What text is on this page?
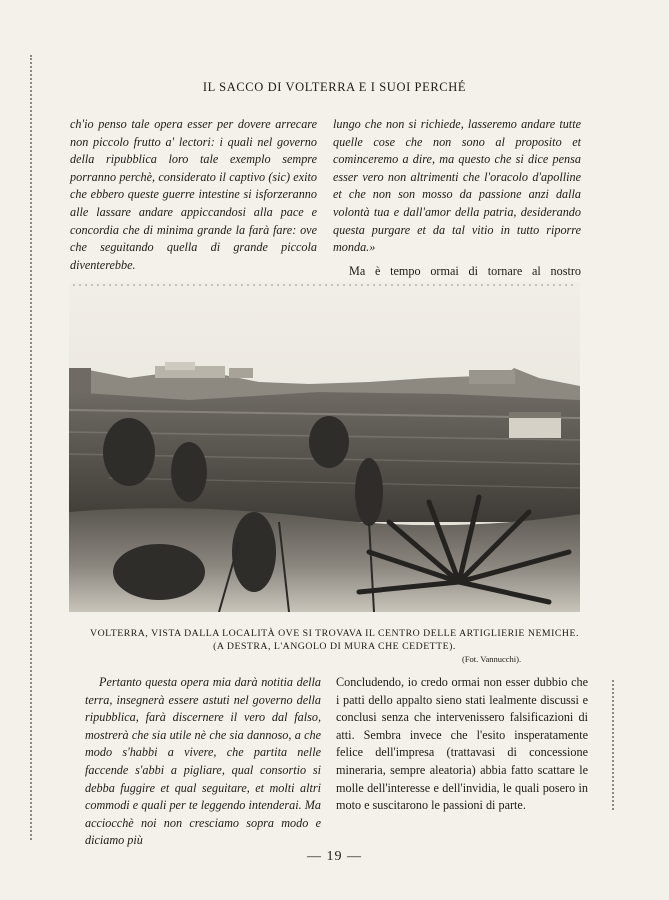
IL SACCO DI VOLTERRA E I SUOI PERCHÉ

ch'io penso tale opera esser per dovere arrecare non piccolo frutto a' lectori: i quali nel governo della ripubblica loro tale exemplo sempre porranno perchè, considerato il captivo (sic) exito che ebbero queste guerre intestine si isforzeranno alle lassare andare appiccandosi alla pace e concordia che di minima grande la farà fare: ove che seguitando quella di grande piccola diventerebbe.

lungo che non si richiede, lasseremo andare tutte quelle cose che non sono al proposito et cominceremo a dire, ma questo che si dice pensa esser vero non altrimenti che l'oracolo d'apolline et che non son mosso da passione anzi dalla volontà tua e dall'amor della patria, desiderando questa purgare et da tal vitio in tutto riporre monda.»

Ma è tempo ormai di tornare al nostro

VOLTERRA, VISTA DALLA LOCALITÀ OVE SI TROVAVA IL CENTRO DELLE ARTIGLIERIE NEMICHE.
(A DESTRA, L'ANGOLO DI MURA CHE CEDETTE).
(Fot. Vannucchi).

Pertanto questa opera mia darà notitia della terra, insegnerà essere astuti nel governo della ripubblica, farà discernere il vero dal falso, mostrerà che sia utile nè che sia dannoso, a che modo s'habbi a vivere, che partita nelle faccende s'abbi a pigliare, qual consortio si debba fuggire et qual seguitare, et molti altri commodi e quali per te leggendo intenderai. Ma acciocchè noi non cresciamo sopra modo e diciamo più

Concludendo, io credo ormai non esser dubbio che i patti dello appalto sieno stati lealmente discussi e conclusi senza che intervenissero falsificazioni di atti. Sembra invece che l'esito insperatamente felice dell'impresa (trattavasi di concessione mineraria, sempre aleatoria) abbia fatto scattare le molle dell'interesse e dell'invidia, le quali posero in moto e suscitarono le passioni di parte.

— 19 —
